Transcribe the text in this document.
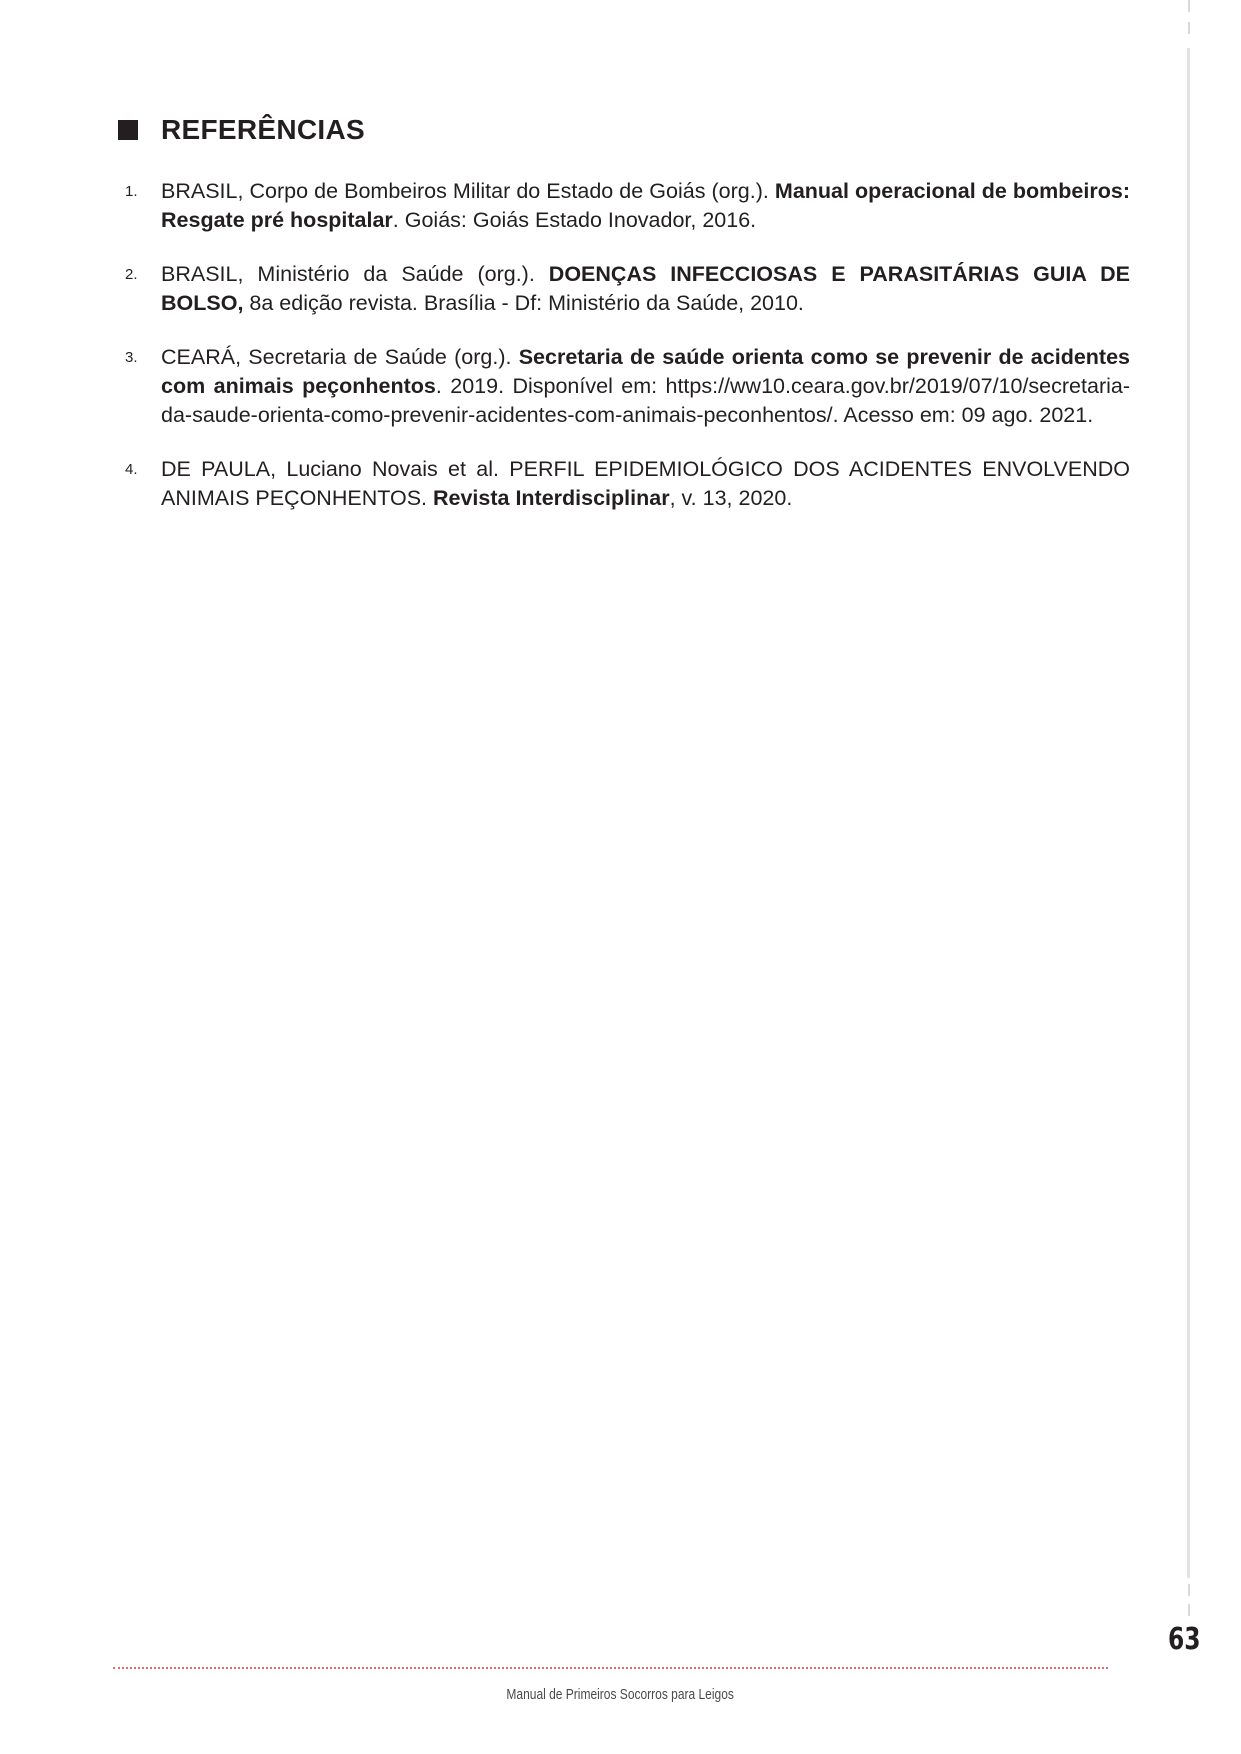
REFERÊNCIAS
1.	BRASIL, Corpo de Bombeiros Militar do Estado de Goiás (org.). Manual operacional de bombeiros: Resgate pré hospitalar. Goiás: Goiás Estado Inovador, 2016.
2.	BRASIL, Ministério da Saúde (org.). DOENÇAS INFECCIOSAS E PARASITÁRIAS GUIA DE BOLSO, 8a edição revista. Brasília - Df: Ministério da Saúde, 2010.
3.	CEARÁ, Secretaria de Saúde (org.). Secretaria de saúde orienta como se prevenir de acidentes com animais peçonhentos. 2019. Disponível em: https://ww10.ceara.gov.br/2019/07/10/secretaria-da-saude-orienta-como-prevenir-acidentes-com-animais-peconhentos/. Acesso em: 09 ago. 2021.
4.	DE PAULA, Luciano Novais et al. PERFIL EPIDEMIOLÓGICO DOS ACIDENTES ENVOLVENDO ANIMAIS PEÇONHENTOS. Revista Interdisciplinar, v. 13, 2020.
63
Manual de Primeiros Socorros para Leigos
